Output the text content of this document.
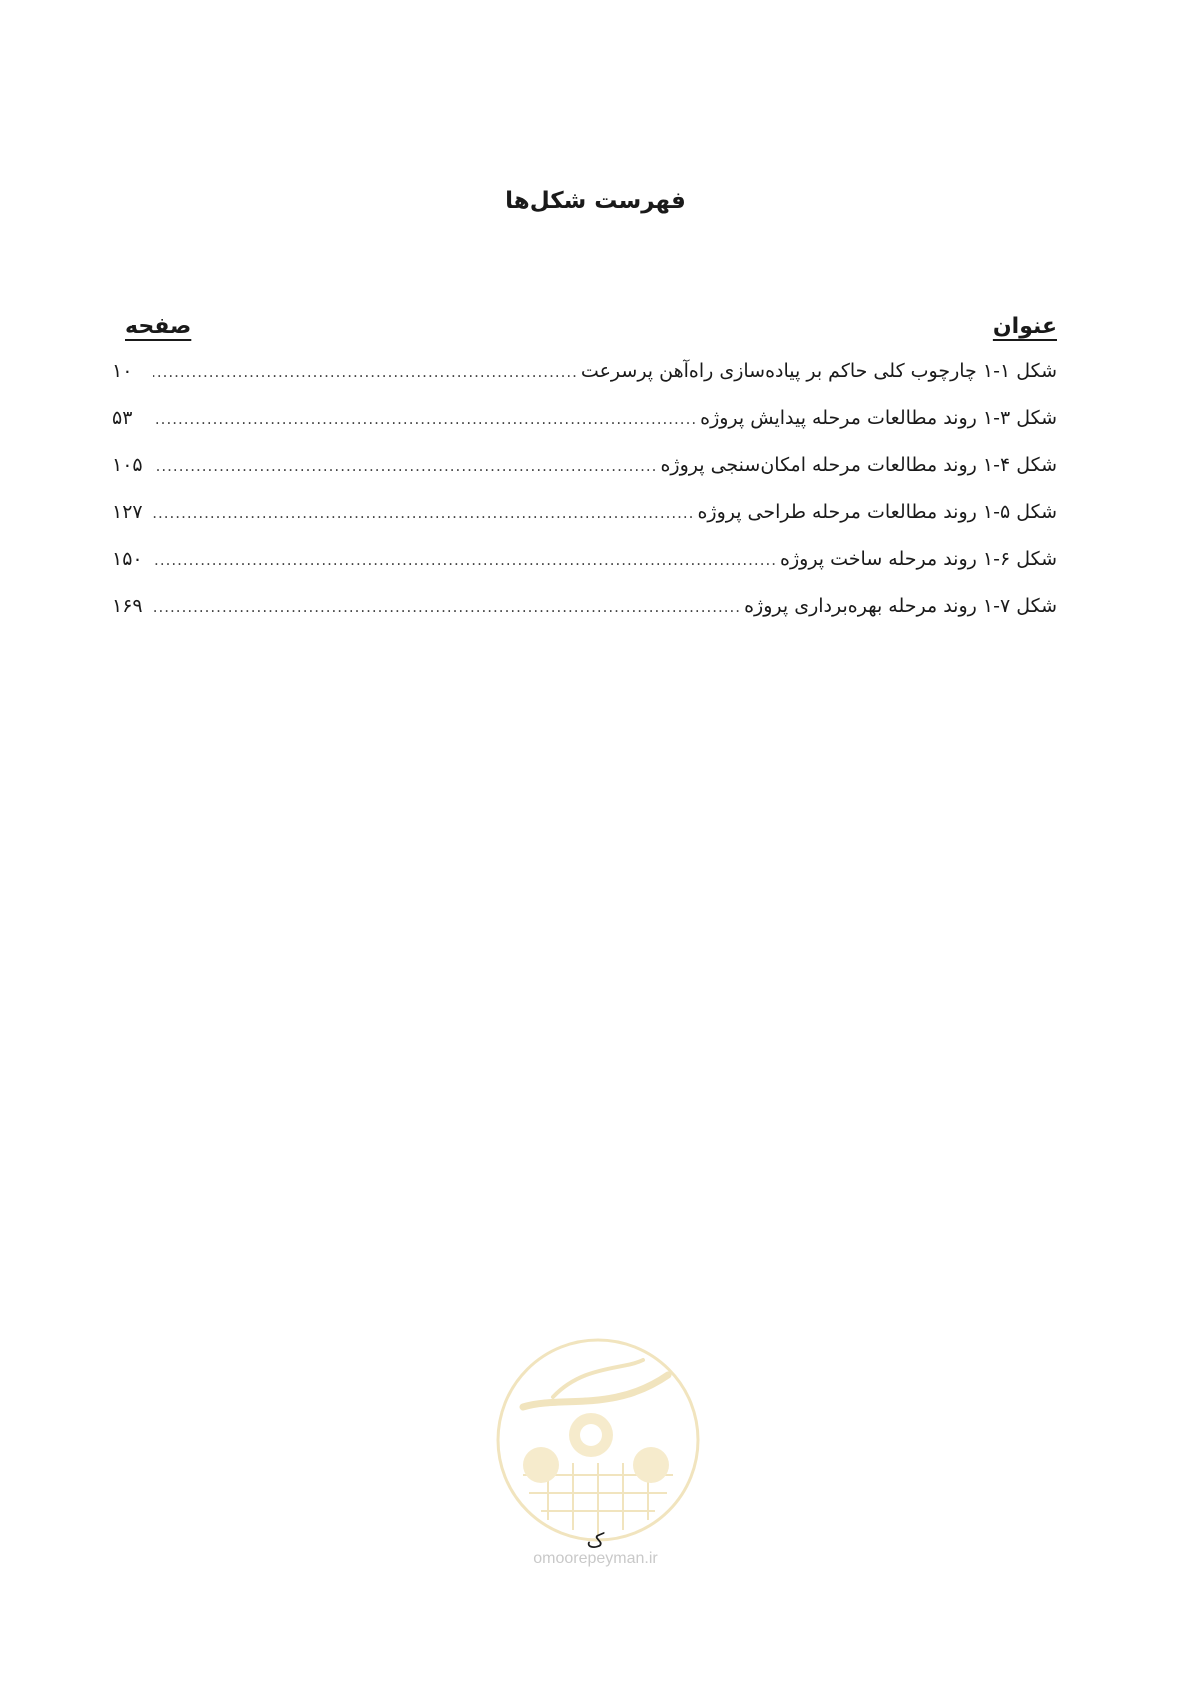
فهرست شکل‌ها
عنوان
صفحه
شکل ۱-۱ چارچوب کلی حاکم بر پیاده‌سازی راه‌آهن پرسرعت
.....
۱۰
شکل ۳-۱ روند مطالعات مرحله پیدایش پروژه
.....
۵۳
شکل ۴-۱ روند مطالعات مرحله امکان‌سنجی پروژه
.....
۱۰۵
شکل ۵-۱ روند مطالعات مرحله طراحی پروژه
.....
۱۲۷
شکل ۶-۱ روند مرحله ساخت پروژه
.....
۱۵۰
شکل ۷-۱ روند مرحله بهره‌برداری پروژه
.....
۱۶۹
ک
omoorepeyman.ir
